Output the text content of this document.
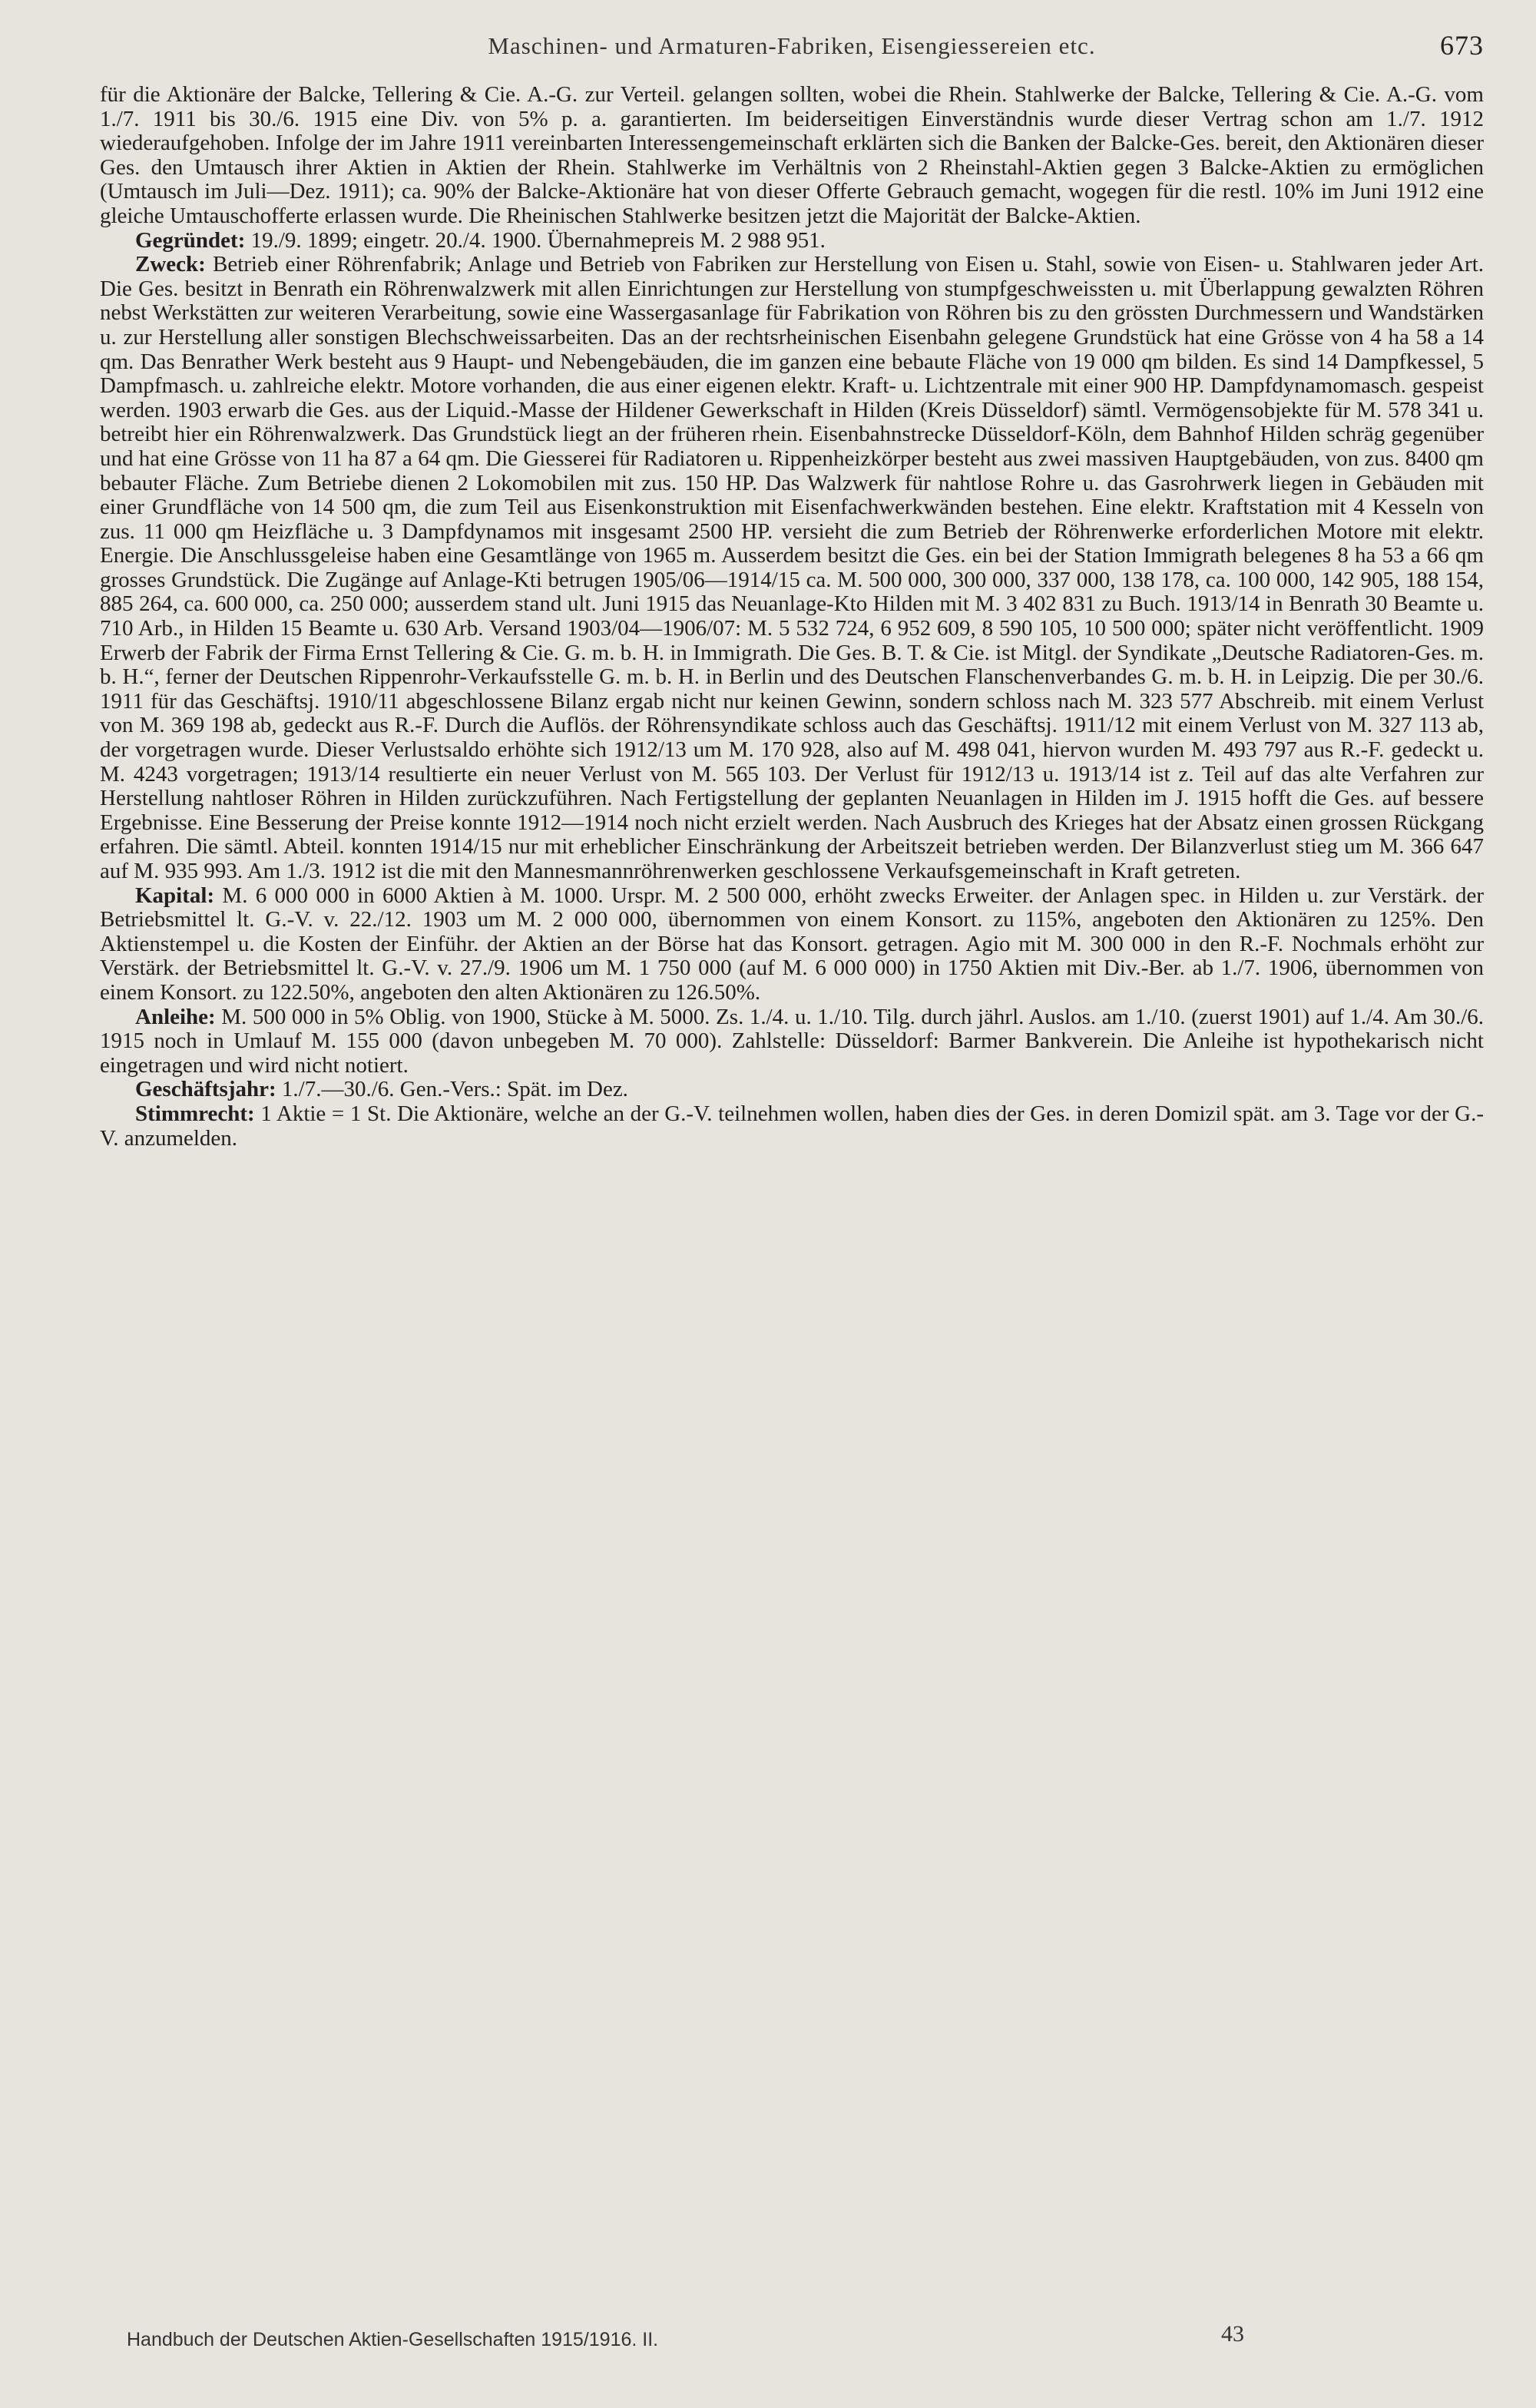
Maschinen- und Armaturen-Fabriken, Eisengiessereien etc.	673

für die Aktionäre der Balcke, Tellering & Cie. A.-G. zur Verteil. gelangen sollten, wobei die Rhein. Stahlwerke der Balcke, Tellering & Cie. A.-G. vom 1./7. 1911 bis 30./6. 1915 eine Div. von 5% p. a. garantierten. Im beiderseitigen Einverständnis wurde dieser Vertrag schon am 1./7. 1912 wiederaufgehoben. Infolge der im Jahre 1911 vereinbarten Interessengemeinschaft erklärten sich die Banken der Balcke-Ges. bereit, den Aktionären dieser Ges. den Umtausch ihrer Aktien in Aktien der Rhein. Stahlwerke im Verhältnis von 2 Rheinstahl-Aktien gegen 3 Balcke-Aktien zu ermöglichen (Umtausch im Juli—Dez. 1911); ca. 90% der Balcke-Aktionäre hat von dieser Offerte Gebrauch gemacht, wogegen für die restl. 10% im Juni 1912 eine gleiche Umtauschofferte erlassen wurde. Die Rheinischen Stahlwerke besitzen jetzt die Majorität der Balcke-Aktien.

Gegründet: 19./9. 1899; eingetr. 20./4. 1900. Übernahmepreis M. 2 988 951.

Zweck: Betrieb einer Röhrenfabrik; Anlage und Betrieb von Fabriken zur Herstellung von Eisen u. Stahl, sowie von Eisen- u. Stahlwaren jeder Art. Die Ges. besitzt in Benrath ein Röhrenwalzwerk mit allen Einrichtungen zur Herstellung von stumpfgeschweissten u. mit Überlappung gewalzten Röhren nebst Werkstätten zur weiteren Verarbeitung, sowie eine Wassergasanlage für Fabrikation von Röhren bis zu den grössten Durchmessern und Wandstärken u. zur Herstellung aller sonstigen Blechschweissarbeiten. Das an der rechtsrheinischen Eisenbahn gelegene Grundstück hat eine Grösse von 4 ha 58 a 14 qm. Das Benrather Werk besteht aus 9 Haupt- und Nebengebäuden, die im ganzen eine bebaute Fläche von 19 000 qm bilden. Es sind 14 Dampfkessel, 5 Dampfmasch. u. zahlreiche elektr. Motore vorhanden, die aus einer eigenen elektr. Kraft- u. Lichtzentrale mit einer 900 HP. Dampfdynamomasch. gespeist werden. 1903 erwarb die Ges. aus der Liquid.-Masse der Hildener Gewerkschaft in Hilden (Kreis Düsseldorf) sämtl. Vermögensobjekte für M. 578 341 u. betreibt hier ein Röhrenwalzwerk. Das Grundstück liegt an der früheren rhein. Eisenbahnstrecke Düsseldorf-Köln, dem Bahnhof Hilden schräg gegenüber und hat eine Grösse von 11 ha 87 a 64 qm. Die Giesserei für Radiatoren u. Rippenheizkörper besteht aus zwei massiven Hauptgebäuden, von zus. 8400 qm bebauter Fläche. Zum Betriebe dienen 2 Lokomobilen mit zus. 150 HP. Das Walzwerk für nahtlose Rohre u. das Gasrohrwerk liegen in Gebäuden mit einer Grundfläche von 14 500 qm, die zum Teil aus Eisenkonstruktion mit Eisenfachwerkwänden bestehen. Eine elektr. Kraftstation mit 4 Kesseln von zus. 11 000 qm Heizfläche u. 3 Dampfdynamos mit insgesamt 2500 HP. versieht die zum Betrieb der Röhrenwerke erforderlichen Motore mit elektr. Energie. Die Anschlussgeleise haben eine Gesamtlänge von 1965 m. Ausserdem besitzt die Ges. ein bei der Station Immigrath belegenes 8 ha 53 a 66 qm grosses Grundstück. Die Zugänge auf Anlage-Kti betrugen 1905/06—1914/15 ca. M. 500 000, 300 000, 337 000, 138 178, ca. 100 000, 142 905, 188 154, 885 264, ca. 600 000, ca. 250 000; ausserdem stand ult. Juni 1915 das Neuanlage-Kto Hilden mit M. 3 402 831 zu Buch. 1913/14 in Benrath 30 Beamte u. 710 Arb., in Hilden 15 Beamte u. 630 Arb. Versand 1903/04—1906/07: M. 5 532 724, 6 952 609, 8 590 105, 10 500 000; später nicht veröffentlicht. 1909 Erwerb der Fabrik der Firma Ernst Tellering & Cie. G. m. b. H. in Immigrath. Die Ges. B. T. & Cie. ist Mitgl. der Syndikate „Deutsche Radiatoren-Ges. m. b. H.“, ferner der Deutschen Rippenrohr-Verkaufsstelle G. m. b. H. in Berlin und des Deutschen Flanschenverbandes G. m. b. H. in Leipzig. Die per 30./6. 1911 für das Geschäftsj. 1910/11 abgeschlossene Bilanz ergab nicht nur keinen Gewinn, sondern schloss nach M. 323 577 Abschreib. mit einem Verlust von M. 369 198 ab, gedeckt aus R.-F. Durch die Auflös. der Röhrensyndikate schloss auch das Geschäftsj. 1911/12 mit einem Verlust von M. 327 113 ab, der vorgetragen wurde. Dieser Verlustsaldo erhöhte sich 1912/13 um M. 170 928, also auf M. 498 041, hiervon wurden M. 493 797 aus R.-F. gedeckt u. M. 4243 vorgetragen; 1913/14 resultierte ein neuer Verlust von M. 565 103. Der Verlust für 1912/13 u. 1913/14 ist z. Teil auf das alte Verfahren zur Herstellung nahtloser Röhren in Hilden zurückzuführen. Nach Fertigstellung der geplanten Neuanlagen in Hilden im J. 1915 hofft die Ges. auf bessere Ergebnisse. Eine Besserung der Preise konnte 1912—1914 noch nicht erzielt werden. Nach Ausbruch des Krieges hat der Absatz einen grossen Rückgang erfahren. Die sämtl. Abteil. konnten 1914/15 nur mit erheblicher Einschränkung der Arbeitszeit betrieben werden. Der Bilanzverlust stieg um M. 366 647 auf M. 935 993. Am 1./3. 1912 ist die mit den Mannesmannröhrenwerken geschlossene Verkaufsgemeinschaft in Kraft getreten.

Kapital: M. 6 000 000 in 6000 Aktien à M. 1000. Urspr. M. 2 500 000, erhöht zwecks Erweiter. der Anlagen spec. in Hilden u. zur Verstärk. der Betriebsmittel lt. G.-V. v. 22./12. 1903 um M. 2 000 000, übernommen von einem Konsort. zu 115%, angeboten den Aktionären zu 125%. Den Aktienstempel u. die Kosten der Einführ. der Aktien an der Börse hat das Konsort. getragen. Agio mit M. 300 000 in den R.-F. Nochmals erhöht zur Verstärk. der Betriebsmittel lt. G.-V. v. 27./9. 1906 um M. 1 750 000 (auf M. 6 000 000) in 1750 Aktien mit Div.-Ber. ab 1./7. 1906, übernommen von einem Konsort. zu 122.50%, angeboten den alten Aktionären zu 126.50%.

Anleihe: M. 500 000 in 5% Oblig. von 1900, Stücke à M. 5000. Zs. 1./4. u. 1./10. Tilg. durch jährl. Auslos. am 1./10. (zuerst 1901) auf 1./4. Am 30./6. 1915 noch in Umlauf M. 155 000 (davon unbegeben M. 70 000). Zahlstelle: Düsseldorf: Barmer Bankverein. Die Anleihe ist hypothekarisch nicht eingetragen und wird nicht notiert.

Geschäftsjahr: 1./7.—30./6. Gen.-Vers.: Spät. im Dez.

Stimmrecht: 1 Aktie = 1 St. Die Aktionäre, welche an der G.-V. teilnehmen wollen, haben dies der Ges. in deren Domizil spät. am 3. Tage vor der G.-V. anzumelden.

Handbuch der Deutschen Aktien-Gesellschaften 1915/1916. II.	43
